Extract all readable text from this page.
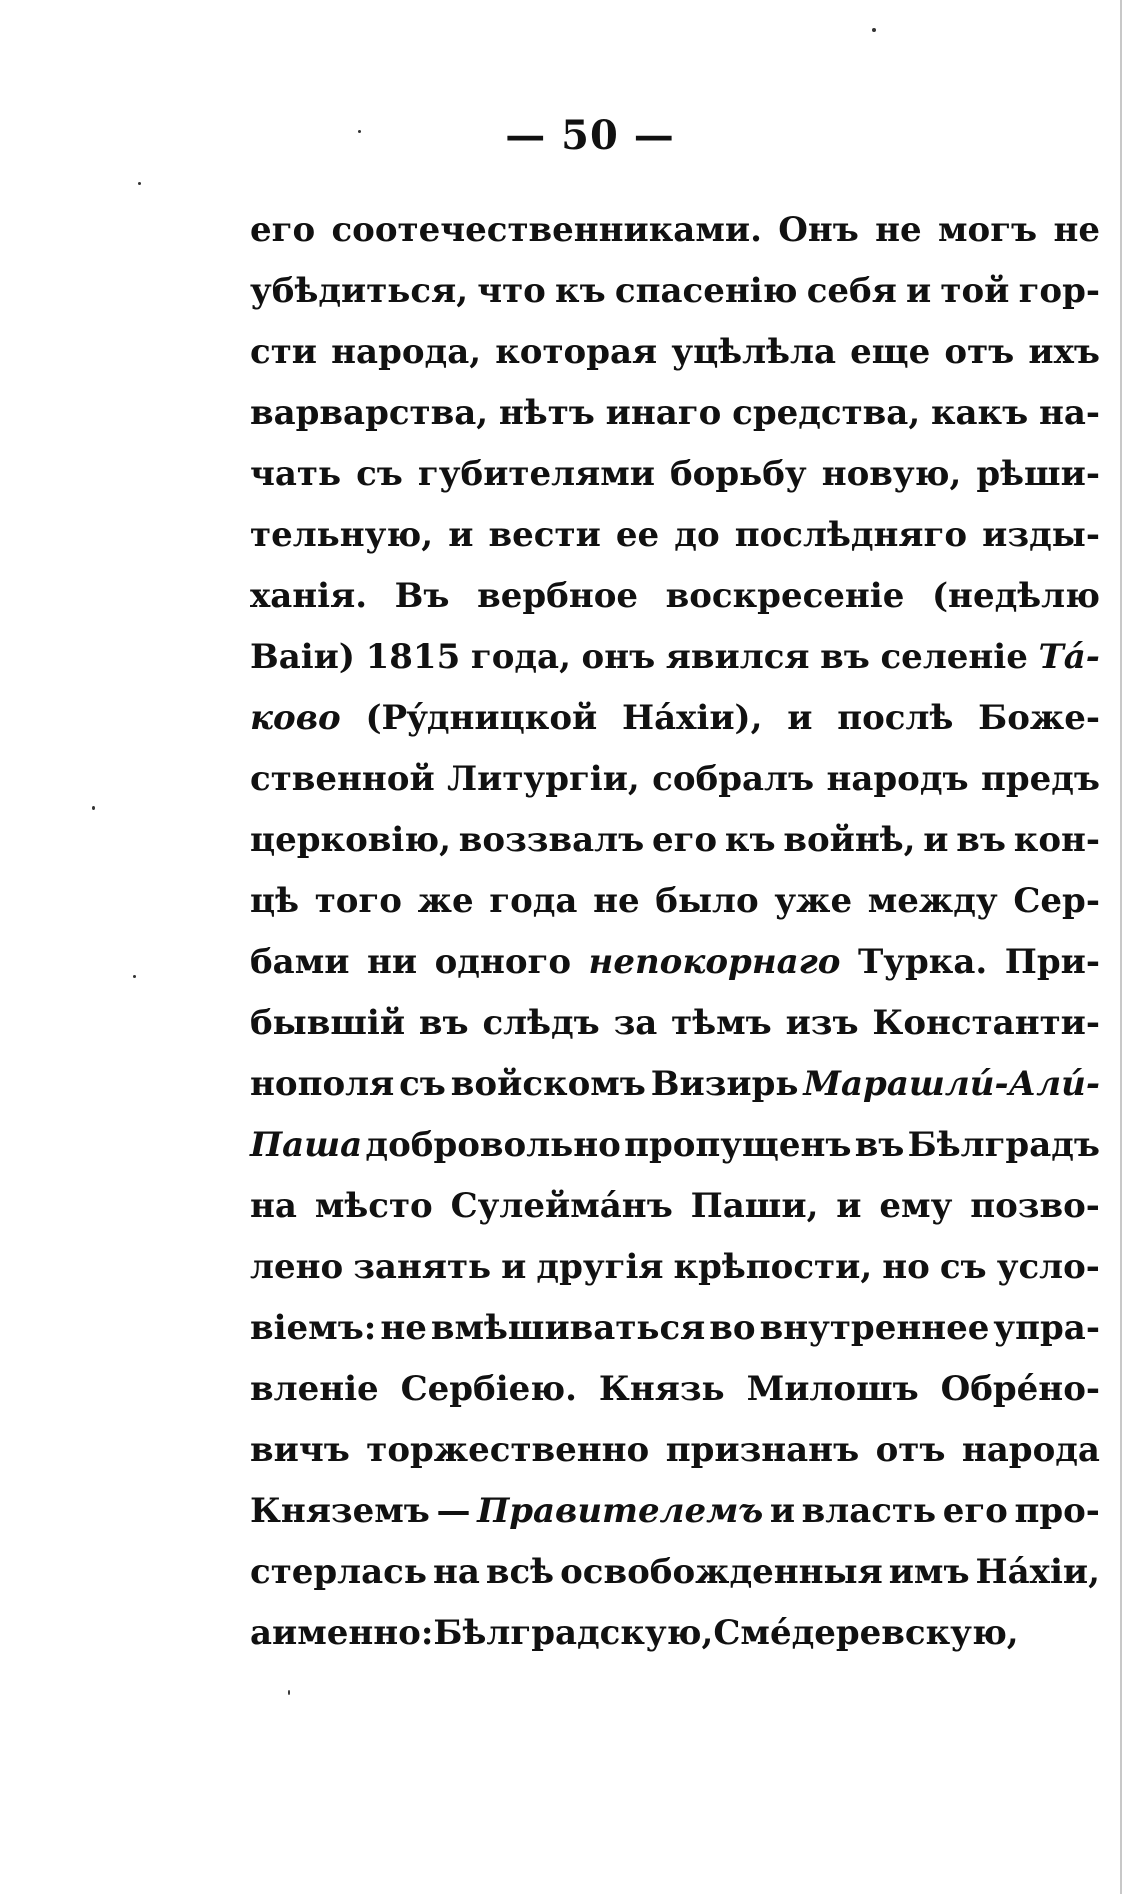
— 50 —
его соотечественниками. Онъ не могъ не
убѣдиться, что къ спасенію себя и той гор-
сти народа, которая уцѣлѣла еще отъ ихъ
варварства, нѣтъ инаго средства, какъ на-
чать съ губителями борьбу новую, рѣши-
тельную, и вести ее до послѣдняго изды-
ханія. Въ вербное воскресеніе (недѣлю
Ваіи) 1815 года, онъ явился въ селеніе Тá-
ково (Рýдницкой Нáхіи), и послѣ Боже-
ственной Литургіи, собралъ народъ предъ
церковію, воззвалъ его къ войнѣ, и въ кон-
цѣ того же года не было уже между Сер-
бами ни одного непокорнаго Турка. При-
бывшій въ слѣдъ за тѣмъ изъ Константи-
нополя съ войскомъ Визирь Марашлú-Алú-
Паша добровольно пропущенъ въ Бѣлградъ
на мѣсто Сулеймáнъ Паши, и ему позво-
лено занять и другія крѣпости, но съ усло-
віемъ: не вмѣшиваться во внутреннее упра-
вленіе Сербіею. Князь Милошъ Обрéно-
вичъ торжественно признанъ отъ народа
Княземъ — Правителемъ и власть его про-
стерлась на всѣ освобожденныя имъ Нáхіи,
а именно: Бѣлградскую, Смéдеревскую,
